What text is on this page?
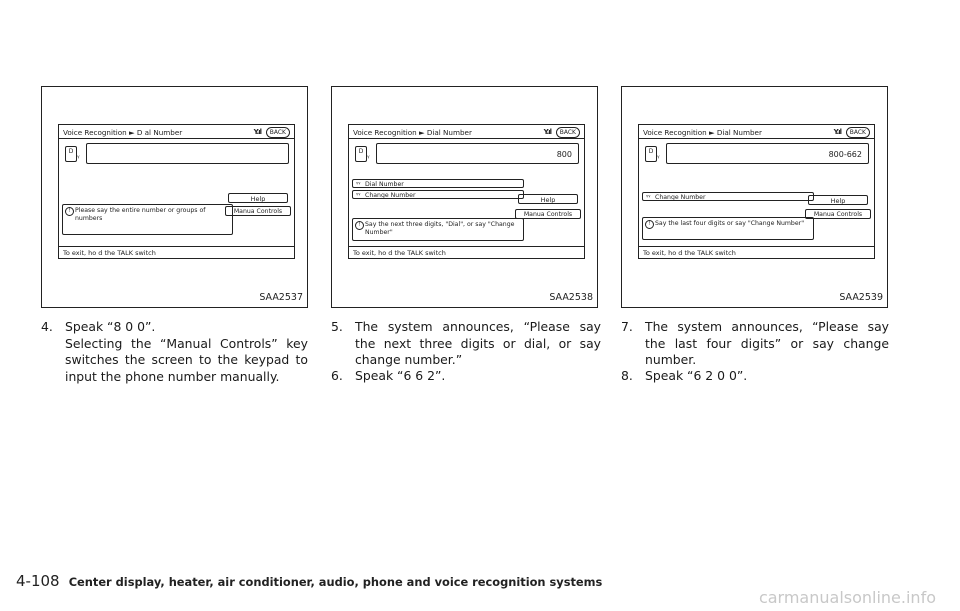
Voice Recognition ► D al Number	Y.ıl	BACK
D
ᵞ
Help
Manua Controls
! Please say the entire number or groups of numbers
To exit, ho d the TALK switch
SAA2537
Voice Recognition ► Dial Number	Y.ıl	BACK
D
ᵞ	800
ᵞᵞ Dial Number
ᵞᵞ Change Number
Help
Manua Controls
! Say the next three digits, "Dial", or say "Change Number"
To exit, ho d the TALK switch
SAA2538
Voice Recognition ► Dial Number	Y.ıl	BACK
D
ᵞ	800-662
ᵞᵞ Change Number	Help
Manua Controls
! Say the last four digits or say "Change Number"
To exit, ho d the TALK switch
SAA2539
4. Speak “8 0 0”.
Selecting the “Manual Controls” key switches the screen to the keypad to input the phone number manually.
5. The system announces, “Please say the next three digits or dial, or say change number.”
6. Speak “6 6 2”.
7. The system announces, “Please say the last four digits” or say change number.
8. Speak “6 2 0 0”.
4-108 Center display, heater, air conditioner, audio, phone and voice recognition systems
carmanualsonline.info
